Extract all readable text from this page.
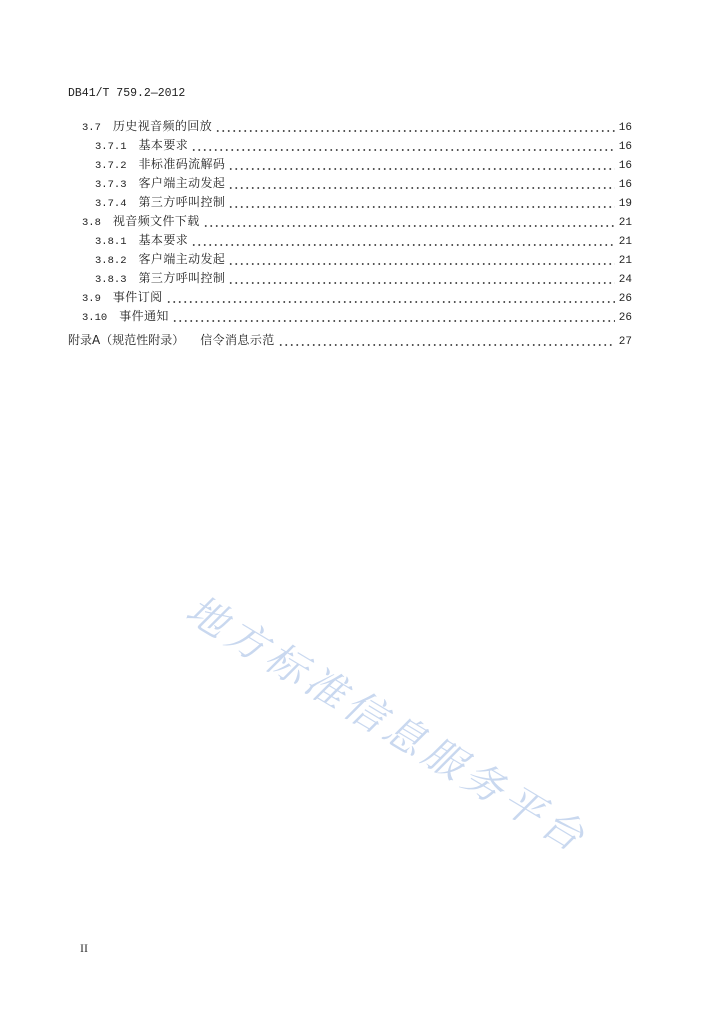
DB41/T 759.2—2012
3.7 历史视音频的回放	16
3.7.1 基本要求	16
3.7.2 非标准码流解码	16
3.7.3 客户端主动发起	16
3.7.4 第三方呼叫控制	19
3.8 视音频文件下载	21
3.8.1 基本要求	21
3.8.2 客户端主动发起	21
3.8.3 第三方呼叫控制	24
3.9 事件订阅	26
3.10 事件通知	26
附录A（规范性附录） 信令消息示范	27
地方标准信息服务平台
II
